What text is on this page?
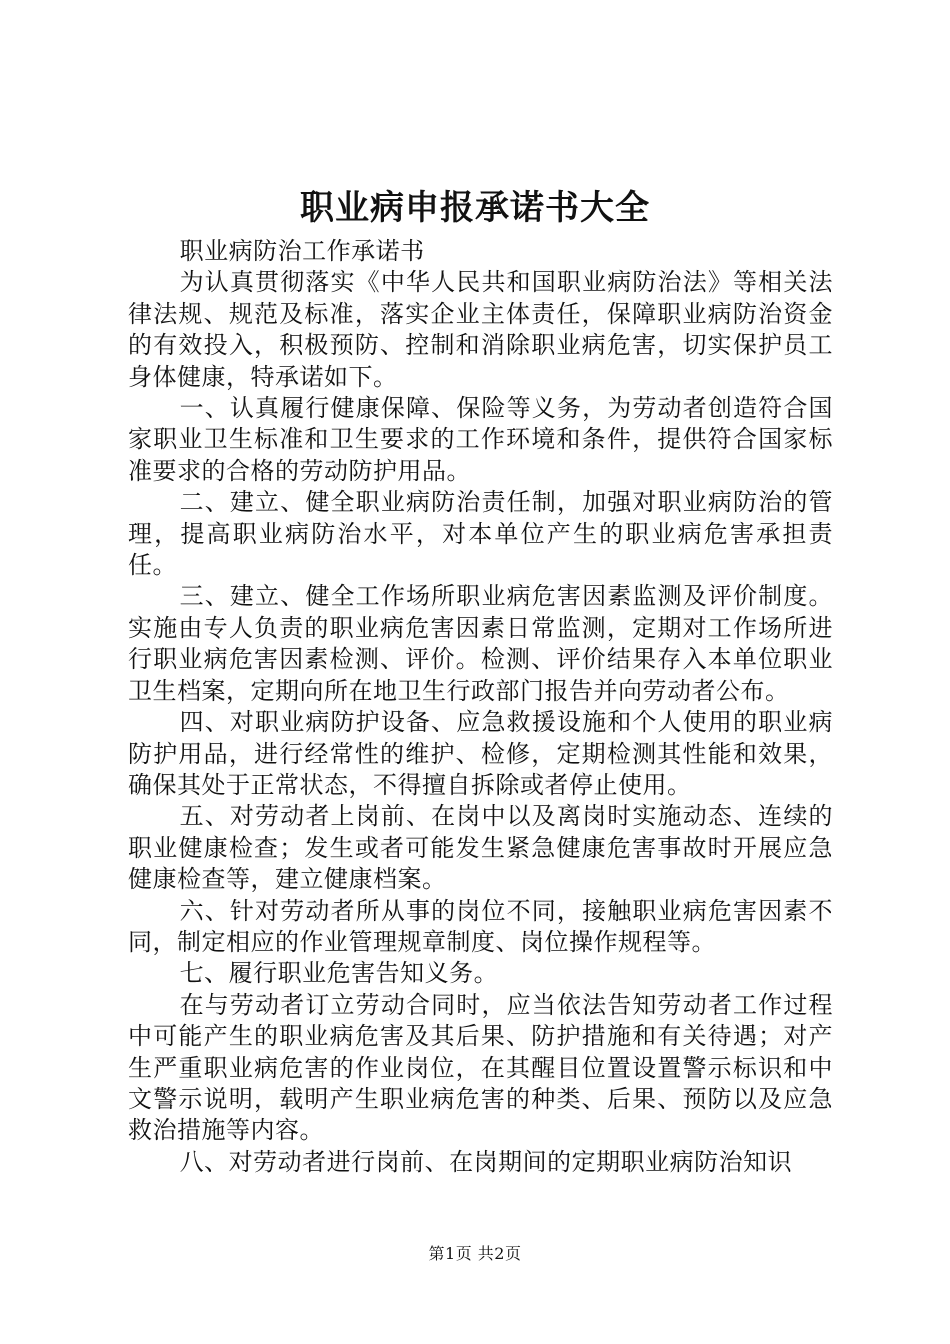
职业病申报承诺书大全

职业病防治工作承诺书

为认真贯彻落实《中华人民共和国职业病防治法》等相关法律法规、规范及标准，落实企业主体责任，保障职业病防治资金的有效投入，积极预防、控制和消除职业病危害，切实保护员工身体健康，特承诺如下。

一、认真履行健康保障、保险等义务，为劳动者创造符合国家职业卫生标准和卫生要求的工作环境和条件，提供符合国家标准要求的合格的劳动防护用品。

二、建立、健全职业病防治责任制，加强对职业病防治的管理，提高职业病防治水平，对本单位产生的职业病危害承担责任。

三、建立、健全工作场所职业病危害因素监测及评价制度。实施由专人负责的职业病危害因素日常监测，定期对工作场所进行职业病危害因素检测、评价。检测、评价结果存入本单位职业卫生档案，定期向所在地卫生行政部门报告并向劳动者公布。

四、对职业病防护设备、应急救援设施和个人使用的职业病防护用品，进行经常性的维护、检修，定期检测其性能和效果，确保其处于正常状态，不得擅自拆除或者停止使用。

五、对劳动者上岗前、在岗中以及离岗时实施动态、连续的职业健康检查；发生或者可能发生紧急健康危害事故时开展应急健康检查等，建立健康档案。

六、针对劳动者所从事的岗位不同，接触职业病危害因素不同，制定相应的作业管理规章制度、岗位操作规程等。

七、履行职业危害告知义务。

在与劳动者订立劳动合同时，应当依法告知劳动者工作过程中可能产生的职业病危害及其后果、防护措施和有关待遇；对产生严重职业病危害的作业岗位，在其醒目位置设置警示标识和中文警示说明，载明产生职业病危害的种类、后果、预防以及应急救治措施等内容。

八、对劳动者进行岗前、在岗期间的定期职业病防治知识

第1页 共2页
